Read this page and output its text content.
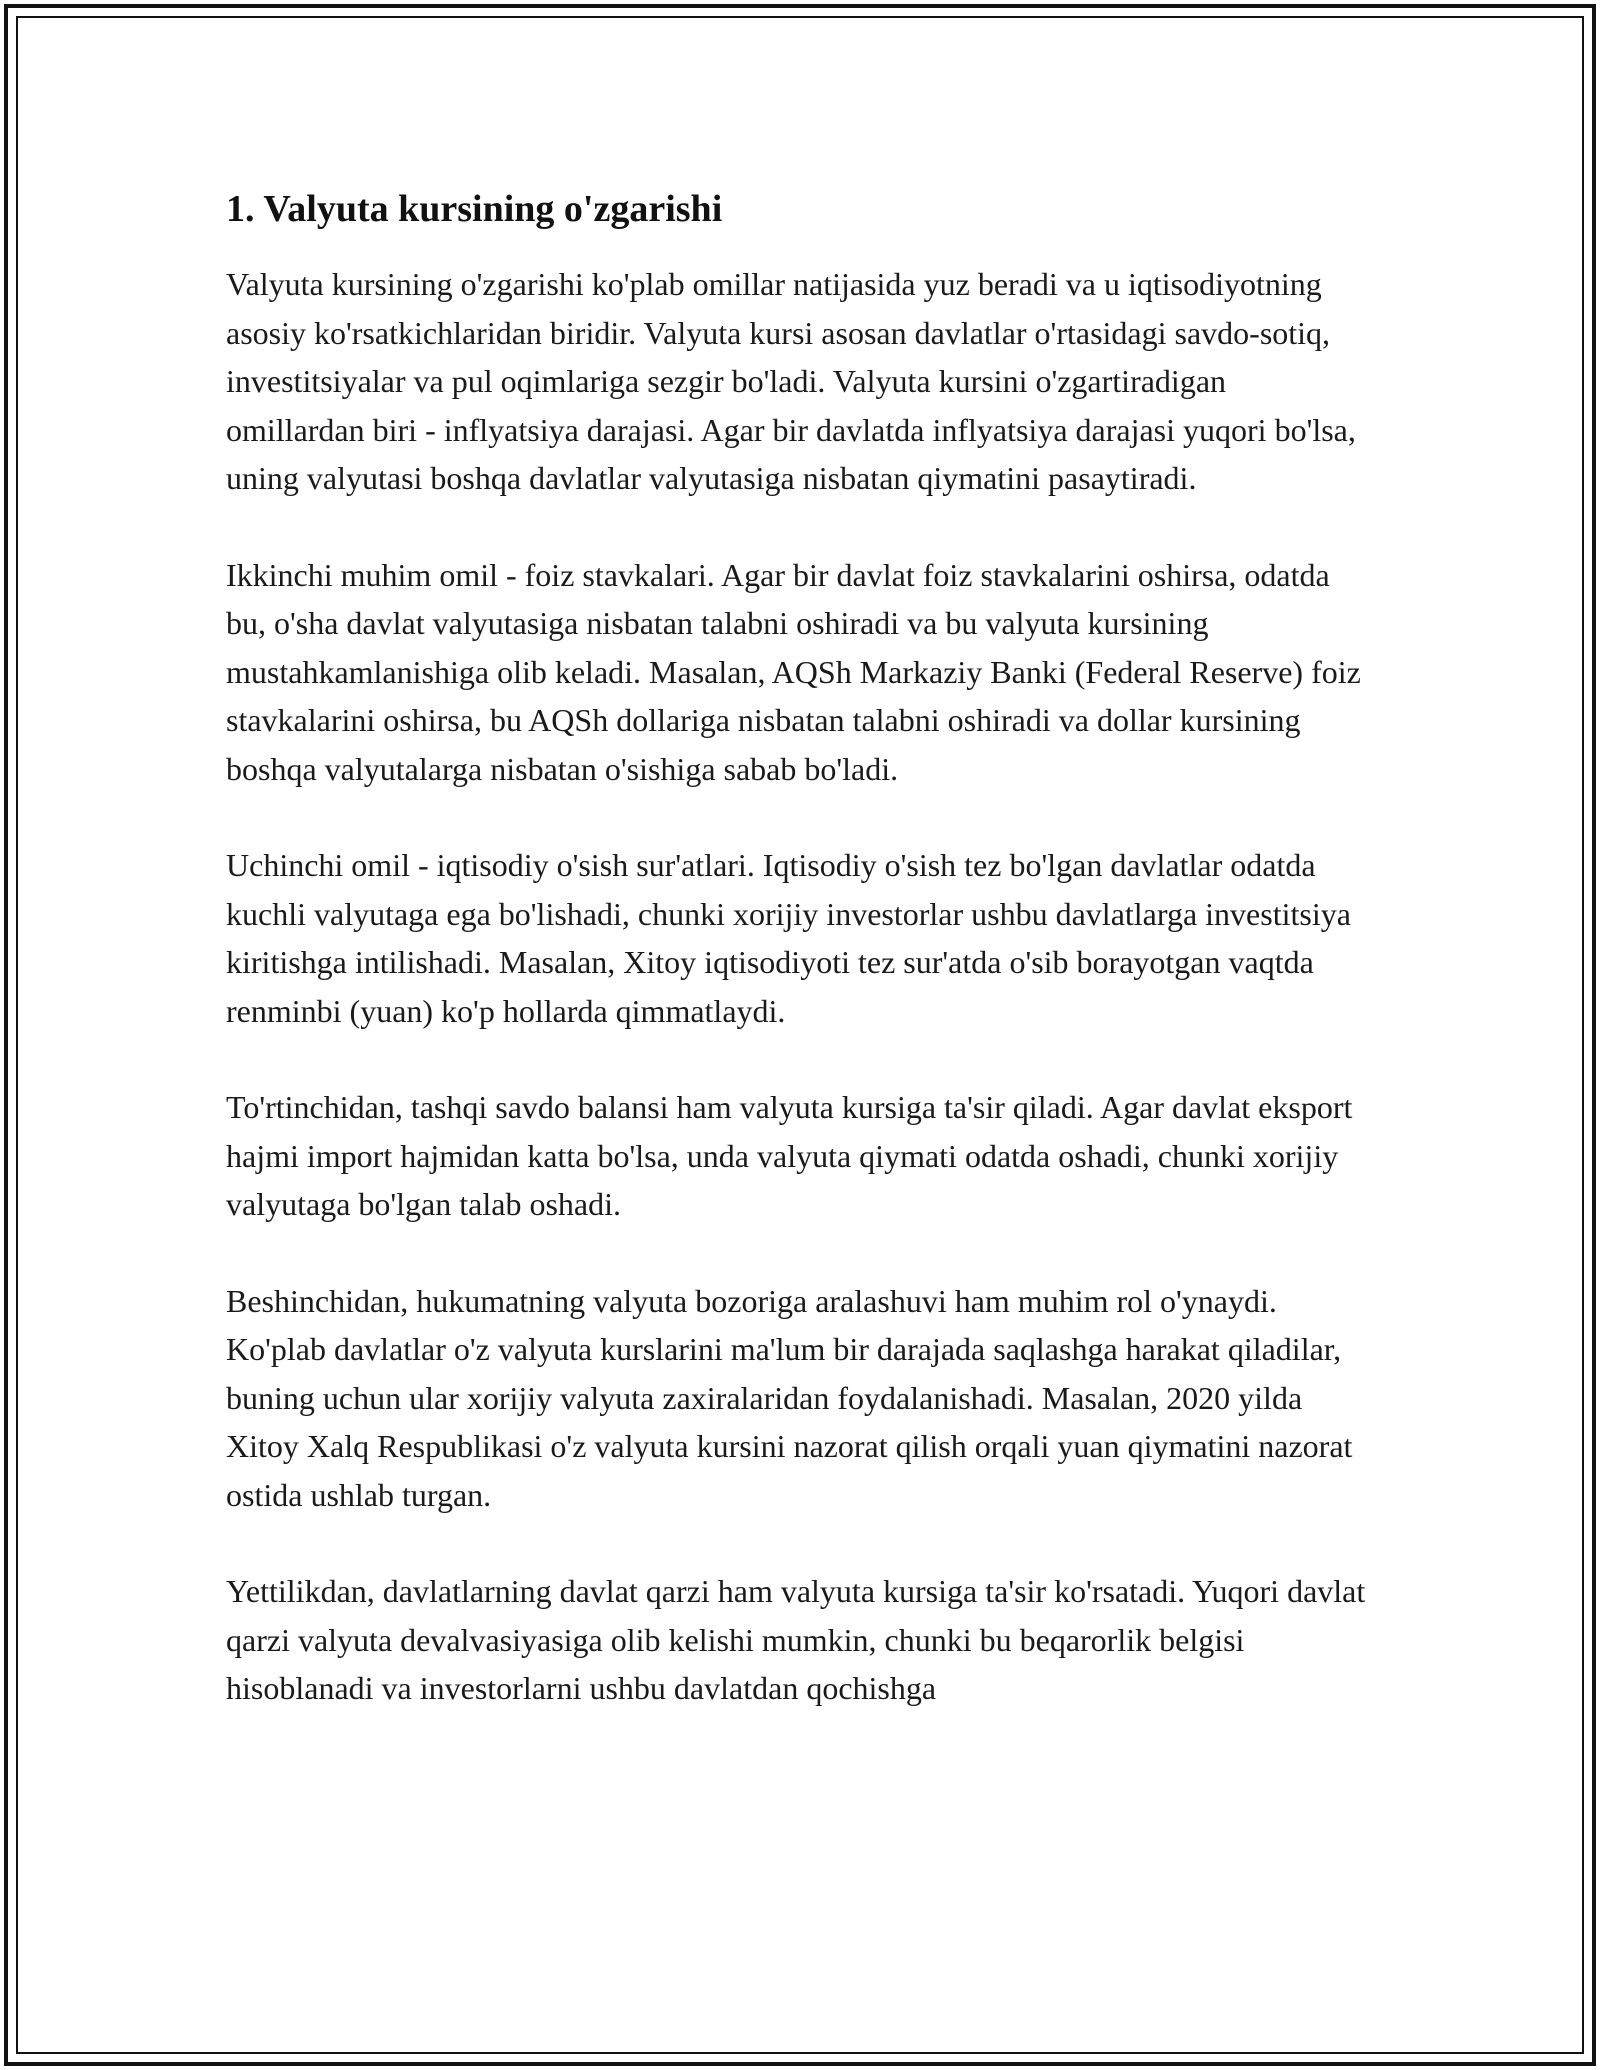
1. Valyuta kursining o'zgarishi

Valyuta kursining o'zgarishi ko'plab omillar natijasida yuz beradi va u iqtisodiyotning asosiy ko'rsatkichlaridan biridir. Valyuta kursi asosan davlatlar o'rtasidagi savdo-sotiq, investitsiyalar va pul oqimlariga sezgir bo'ladi. Valyuta kursini o'zgartiradigan omillardan biri - inflyatsiya darajasi. Agar bir davlatda inflyatsiya darajasi yuqori bo'lsa, uning valyutasi boshqa davlatlar valyutasiga nisbatan qiymatini pasaytiradi.

Ikkinchi muhim omil - foiz stavkalari. Agar bir davlat foiz stavkalarini oshirsa, odatda bu, o'sha davlat valyutasiga nisbatan talabni oshiradi va bu valyuta kursining mustahkamlanishiga olib keladi. Masalan, AQSh Markaziy Banki (Federal Reserve) foiz stavkalarini oshirsa, bu AQSh dollariga nisbatan talabni oshiradi va dollar kursining boshqa valyutalarga nisbatan o'sishiga sabab bo'ladi.

Uchinchi omil - iqtisodiy o'sish sur'atlari. Iqtisodiy o'sish tez bo'lgan davlatlar odatda kuchli valyutaga ega bo'lishadi, chunki xorijiy investorlar ushbu davlatlarga investitsiya kiritishga intilishadi. Masalan, Xitoy iqtisodiyoti tez sur'atda o'sib borayotgan vaqtda renminbi (yuan) ko'p hollarda qimmatlaydi.

To'rtinchidan, tashqi savdo balansi ham valyuta kursiga ta'sir qiladi. Agar davlat eksport hajmi import hajmidan katta bo'lsa, unda valyuta qiymati odatda oshadi, chunki xorijiy valyutaga bo'lgan talab oshadi.

Beshinchidan, hukumatning valyuta bozoriga aralashuvi ham muhim rol o'ynaydi. Ko'plab davlatlar o'z valyuta kurslarini ma'lum bir darajada saqlashga harakat qiladilar, buning uchun ular xorijiy valyuta zaxiralaridan foydalanishadi. Masalan, 2020 yilda Xitoy Xalq Respublikasi o'z valyuta kursini nazorat qilish orqali yuan qiymatini nazorat ostida ushlab turgan.

Yettilikdan, davlatlarning davlat qarzi ham valyuta kursiga ta'sir ko'rsatadi. Yuqori davlat qarzi valyuta devalvasiyasiga olib kelishi mumkin, chunki bu beqarorlik belgisi hisoblanadi va investorlarni ushbu davlatdan qochishga
